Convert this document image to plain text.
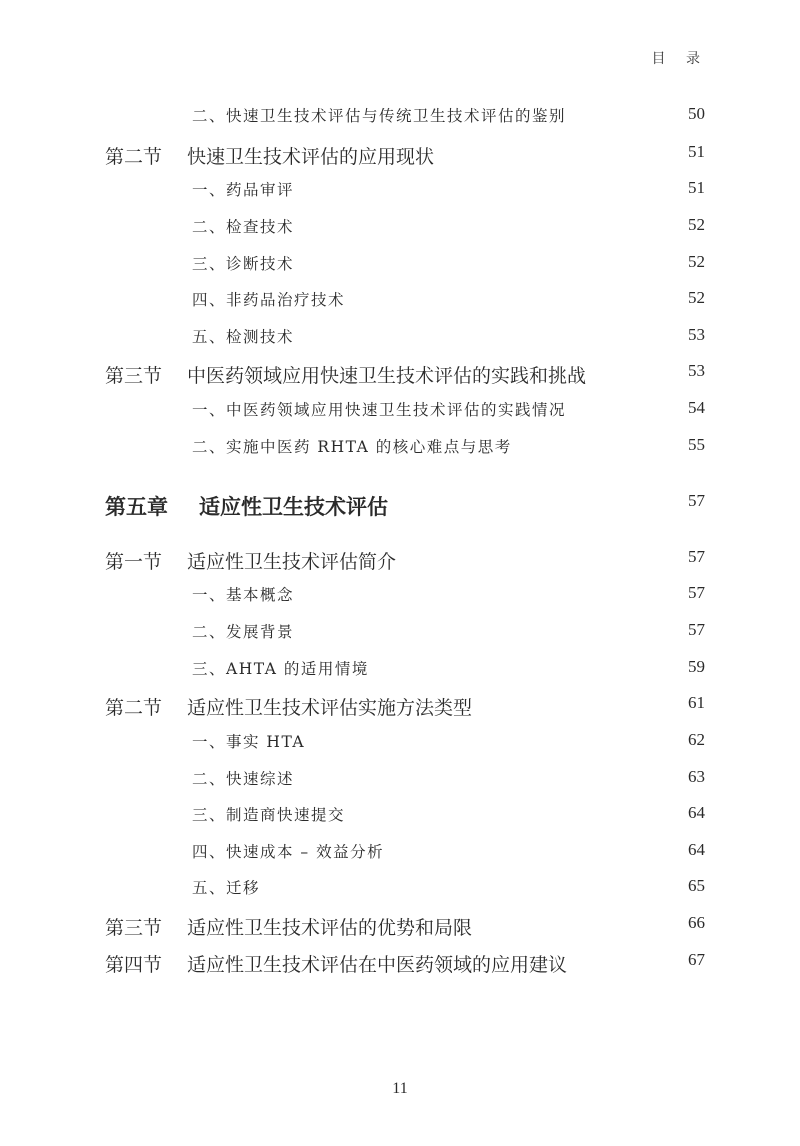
目 录
二、快速卫生技术评估与传统卫生技术评估的鉴别	50
第二节 快速卫生技术评估的应用现状	51
一、药品审评	51
二、检查技术	52
三、诊断技术	52
四、非药品治疗技术	52
五、检测技术	53
第三节 中医药领域应用快速卫生技术评估的实践和挑战	53
一、中医药领域应用快速卫生技术评估的实践情况	54
二、实施中医药 RHTA 的核心难点与思考	55
第五章 适应性卫生技术评估	57
第一节 适应性卫生技术评估简介	57
一、基本概念	57
二、发展背景	57
三、AHTA 的适用情境	59
第二节 适应性卫生技术评估实施方法类型	61
一、事实 HTA	62
二、快速综述	63
三、制造商快速提交	64
四、快速成本 – 效益分析	64
五、迁移	65
第三节 适应性卫生技术评估的优势和局限	66
第四节 适应性卫生技术评估在中医药领域的应用建议	67
11
